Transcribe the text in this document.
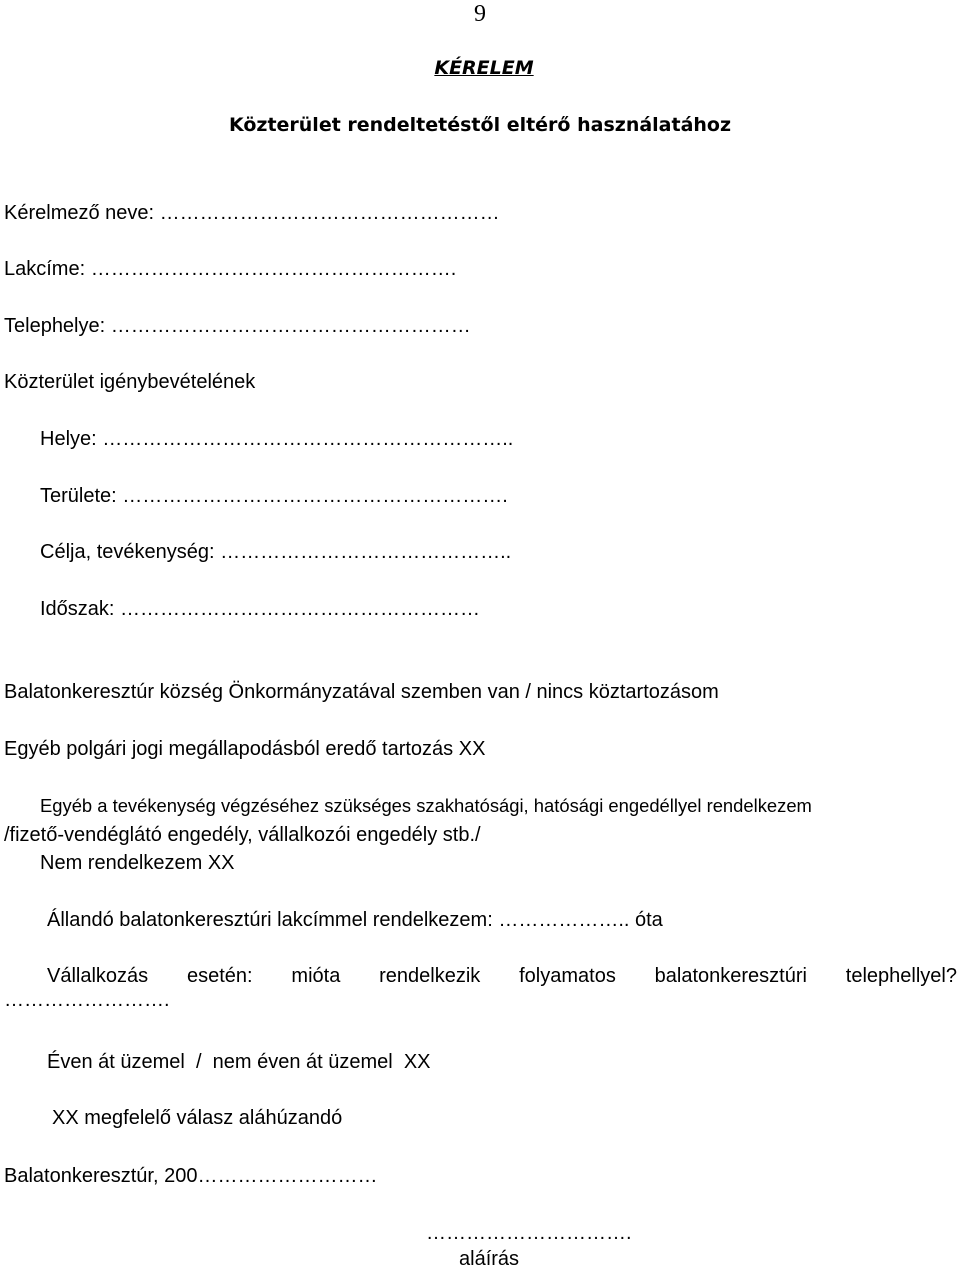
9
KÉRELEM
Közterület rendeltetéstől eltérő használatához
Kérelmező neve: ……………………………………………
Lakcíme: ……………………………………………….
Telephelye: ………………………………………………
Közterület igénybevételének
Helye: ……………………………………………………..
Területe: ………………………………………………….
Célja, tevékenység: ……………………………………..
Időszak: ………………………………………………
Balatonkeresztúr község Önkormányzatával szemben van / nincs köztartozásom
Egyéb polgári jogi megállapodásból eredő tartozás XX
Egyéb a tevékenység végzéséhez szükséges szakhatósági, hatósági engedéllyel rendelkezem
/fizető-vendéglátó engedély, vállalkozói engedély stb./
Nem rendelkezem XX
Állandó balatonkeresztúri lakcímmel rendelkezem: ……………….. óta
Vállalkozás esetén: mióta rendelkezik folyamatos balatonkeresztúri telephellyel?
…………………….
Éven át üzemel  /  nem éven át üzemel  XX
XX megfelelő válasz aláhúzandó
Balatonkeresztúr, 200………………………
………………………….
aláírás
